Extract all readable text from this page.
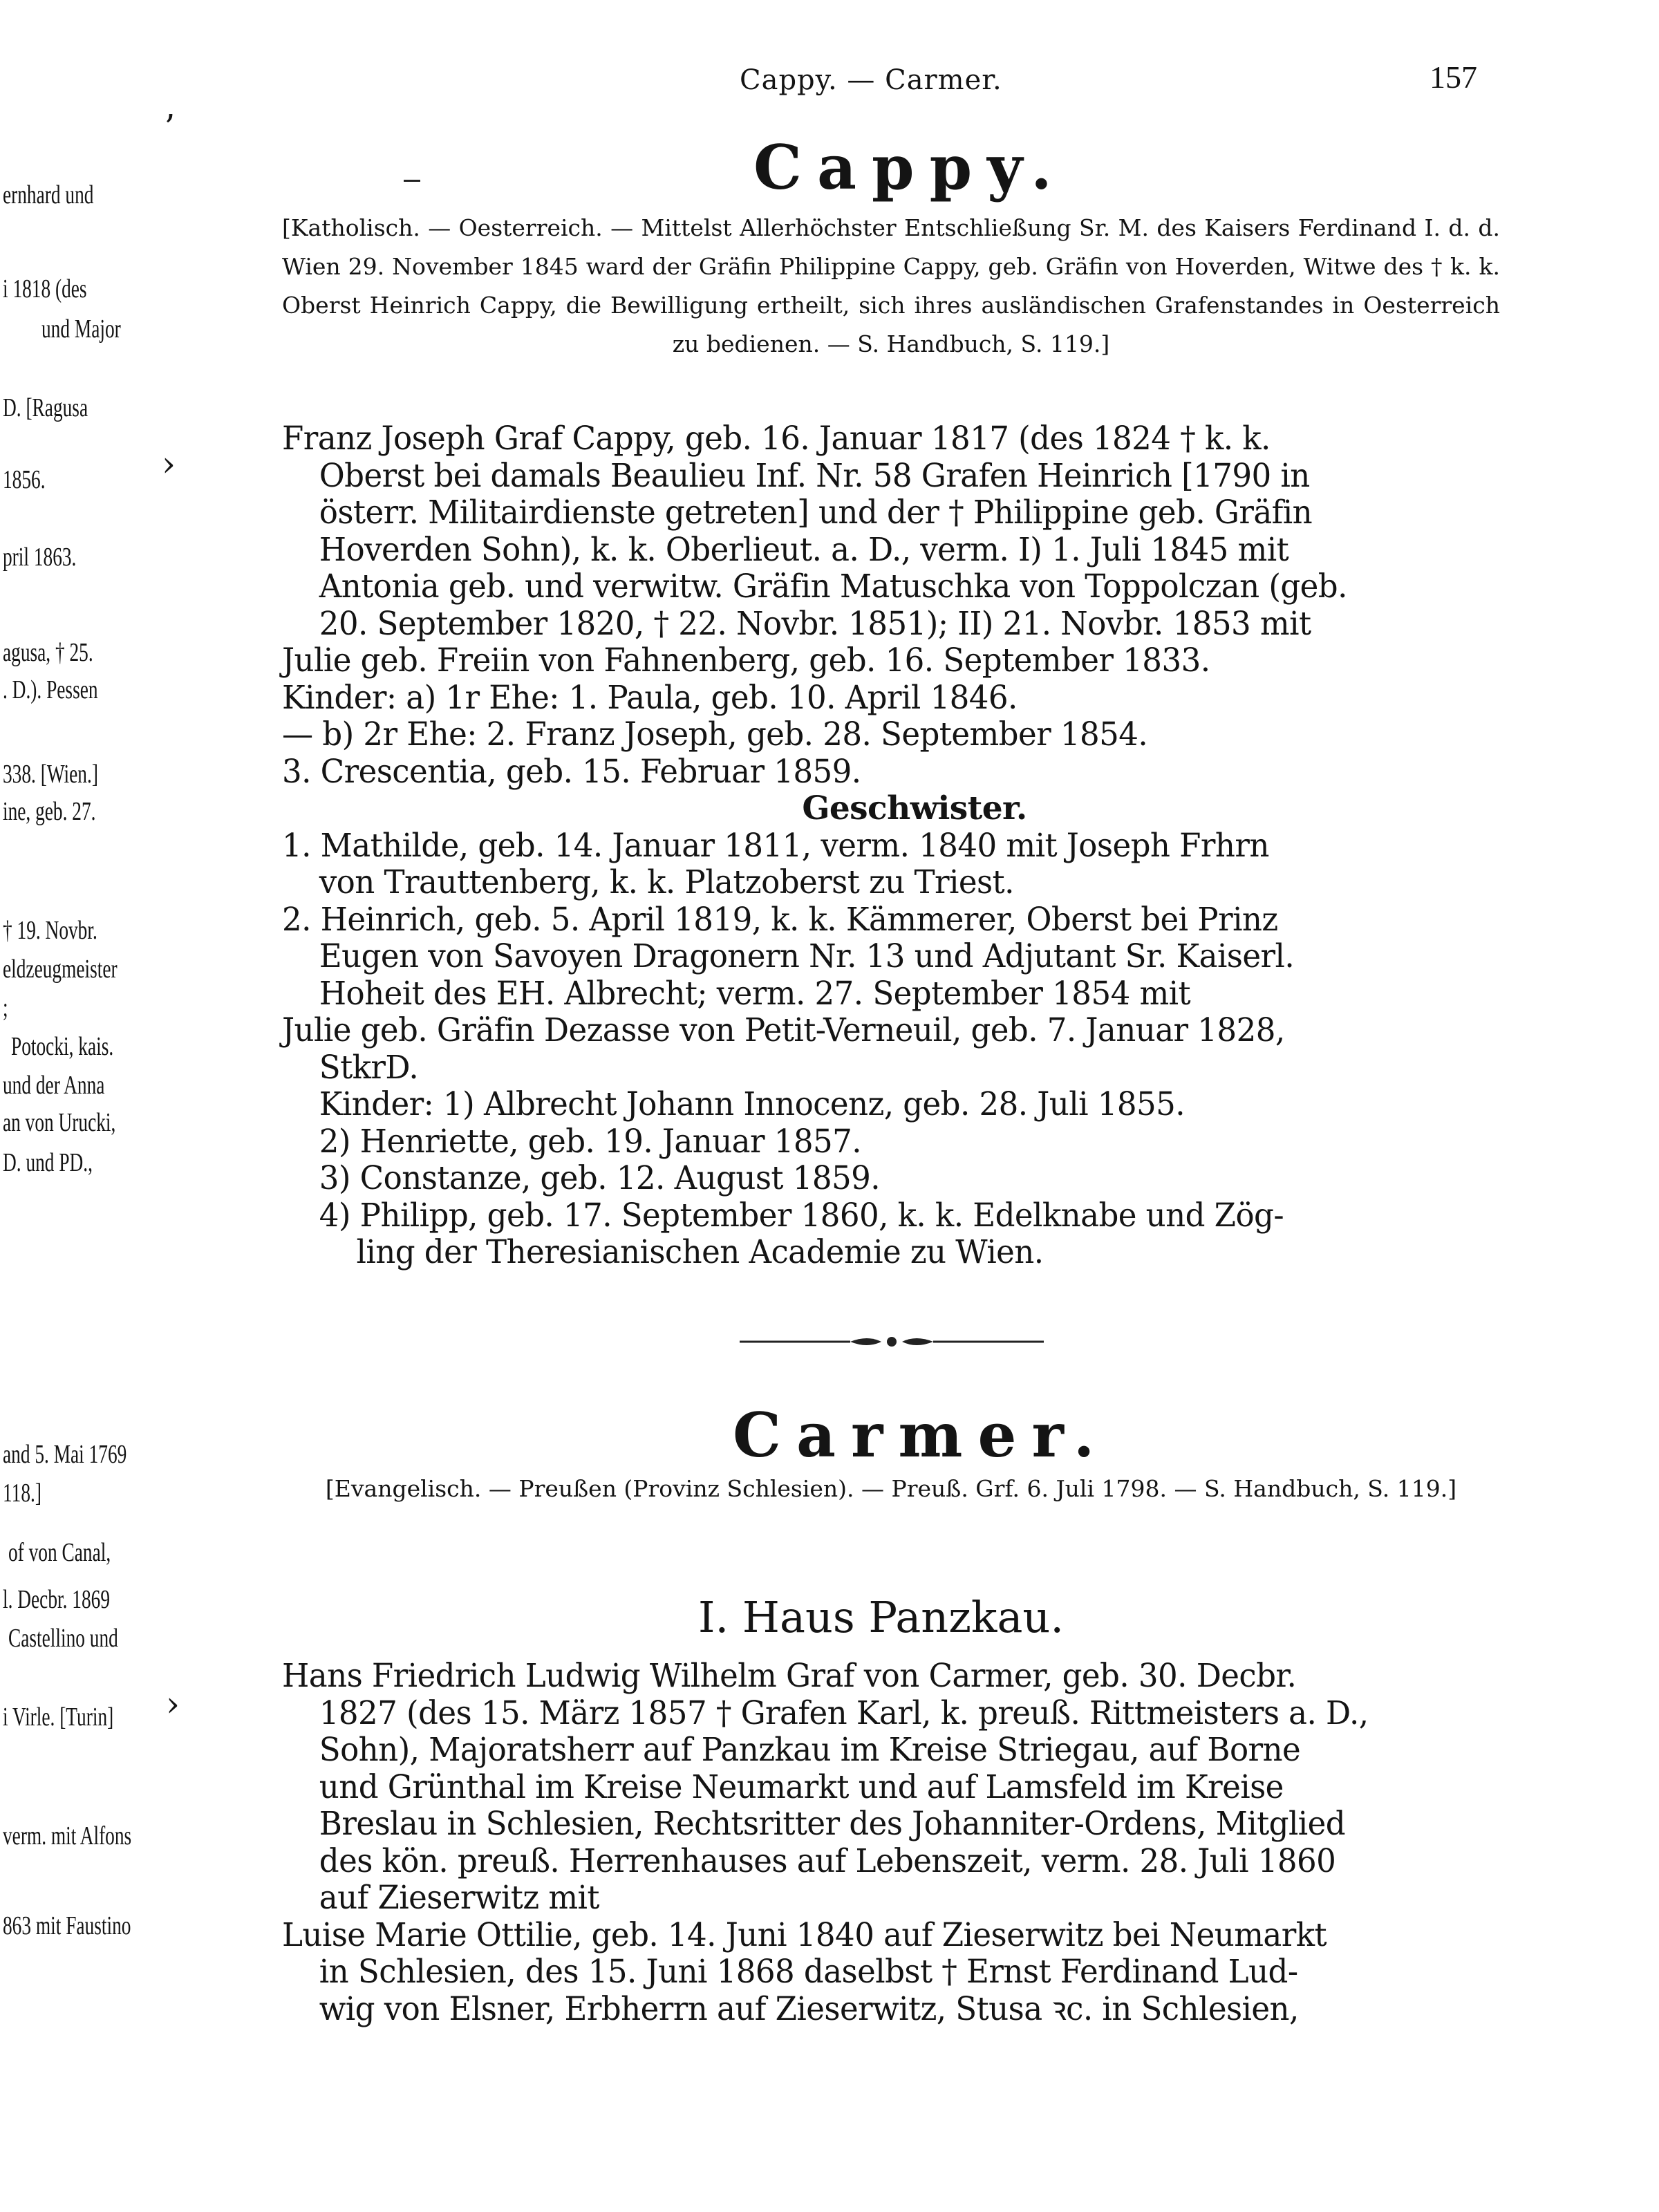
ernhard und
i 1818 (des
und Major
D. [Ragusa
1856.
pril 1863.
agusa, † 25.
. D.). Pessen
338. [Wien.]
ine, geb. 27.
† 19. Novbr.
eldzeugmeister
;
Potocki, kais.
und der Anna
an von Urucki,
D. und PD.,
and 5. Mai 1769
118.]
of von Canal,
l. Decbr. 1869
Castellino und
i Virle. [Turin]
verm. mit Alfons
863 mit Faustino
ʼ
›
›
Cappy. — Carmer.	157
Cappy.
[Katholisch. — Oesterreich. — Mittelst Allerhöchster Entschließung Sr. M. des Kaisers Ferdinand I. d. d. Wien 29. November 1845 ward der Gräfin Philippine Cappy, geb. Gräfin von Hoverden, Witwe des † k. k. Oberst Heinrich Cappy, die Bewilligung ertheilt, sich ihres ausländischen Grafenstandes in Oesterreich zu bedienen. — S. Handbuch, S. 119.]
Franz Joseph Graf Cappy, geb. 16. Januar 1817 (des 1824 † k. k.
Oberst bei damals Beaulieu Inf. Nr. 58 Grafen Heinrich [1790 in
österr. Militairdienste getreten] und der † Philippine geb. Gräfin
Hoverden Sohn), k. k. Oberlieut. a. D., verm. I) 1. Juli 1845 mit
Antonia geb. und verwitw. Gräfin Matuschka von Toppolczan (geb.
20. September 1820, † 22. Novbr. 1851); II) 21. Novbr. 1853 mit
Julie geb. Freiin von Fahnenberg, geb. 16. September 1833.
Kinder: a) 1r Ehe: 1. Paula, geb. 10. April 1846.
— b) 2r Ehe: 2. Franz Joseph, geb. 28. September 1854.
3. Crescentia, geb. 15. Februar 1859.
Geschwister.
1. Mathilde, geb. 14. Januar 1811, verm. 1840 mit Joseph Frhrn
von Trauttenberg, k. k. Platzoberst zu Triest.
2. Heinrich, geb. 5. April 1819, k. k. Kämmerer, Oberst bei Prinz
Eugen von Savoyen Dragonern Nr. 13 und Adjutant Sr. Kaiserl.
Hoheit des EH. Albrecht; verm. 27. September 1854 mit
Julie geb. Gräfin Dezasse von Petit-Verneuil, geb. 7. Januar 1828,
StkrD.
Kinder: 1) Albrecht Johann Innocenz, geb. 28. Juli 1855.
2) Henriette, geb. 19. Januar 1857.
3) Constanze, geb. 12. August 1859.
4) Philipp, geb. 17. September 1860, k. k. Edelknabe und Zög-
ling der Theresianischen Academie zu Wien.
Carmer.
[Evangelisch. — Preußen (Provinz Schlesien). — Preuß. Grf. 6. Juli 1798. — S. Handbuch, S. 119.]
I. Haus Panzkau.
Hans Friedrich Ludwig Wilhelm Graf von Carmer, geb. 30. Decbr.
1827 (des 15. März 1857 † Grafen Karl, k. preuß. Rittmeisters a. D.,
Sohn), Majoratsherr auf Panzkau im Kreise Striegau, auf Borne
und Grünthal im Kreise Neumarkt und auf Lamsfeld im Kreise
Breslau in Schlesien, Rechtsritter des Johanniter-Ordens, Mitglied
des kön. preuß. Herrenhauses auf Lebenszeit, verm. 28. Juli 1860
auf Zieserwitz mit
Luise Marie Ottilie, geb. 14. Juni 1840 auf Zieserwitz bei Neumarkt
in Schlesien, des 15. Juni 1868 daselbst † Ernst Ferdinand Lud-
wig von Elsner, Erbherrn auf Zieserwitz, Stusa ꝛc. in Schlesien,
